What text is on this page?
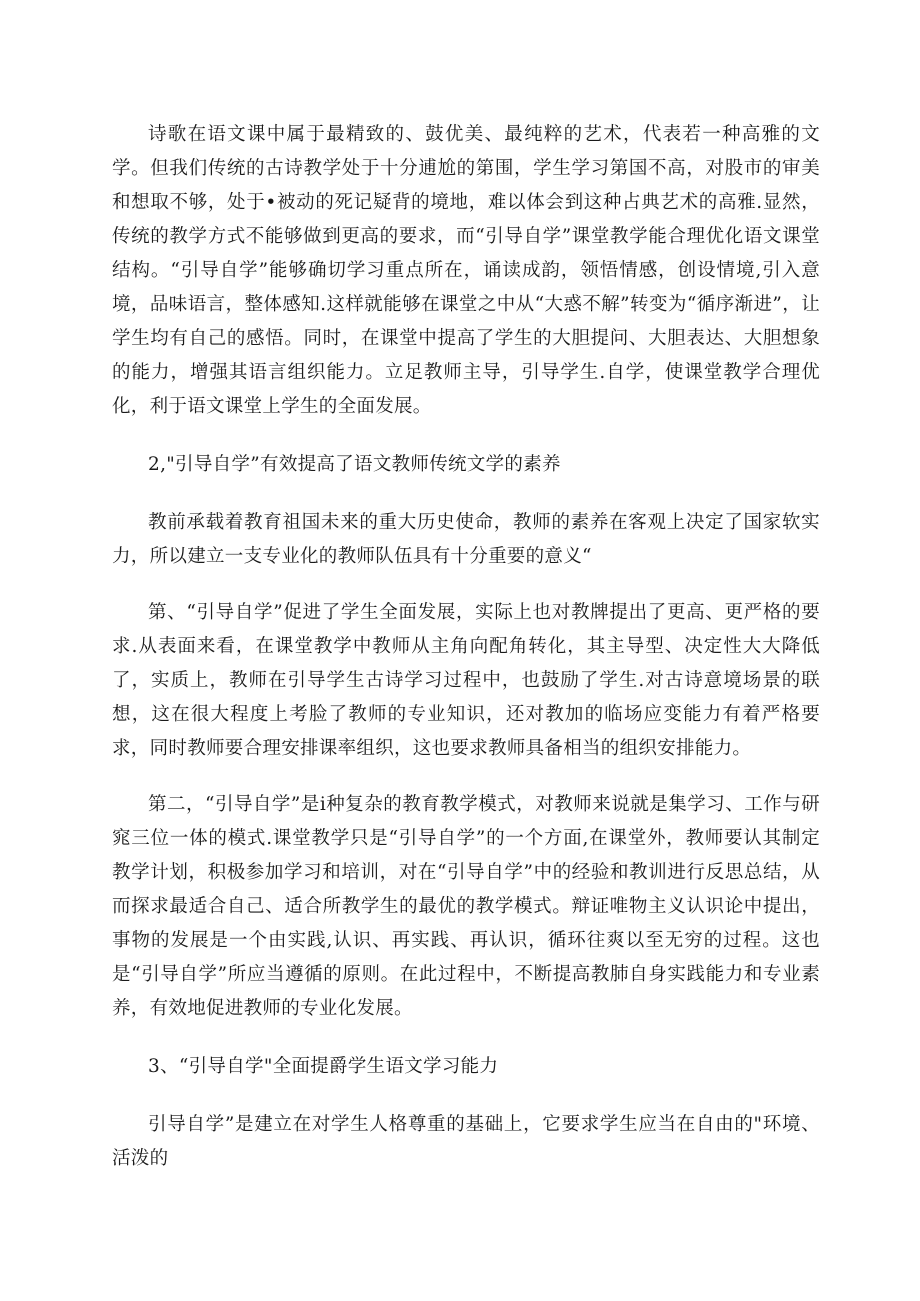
诗歌在语文课中属于最精致的、鼓优美、最纯粹的艺术，代表若一种高雅的文学。但我们传统的古诗教学处于十分逋尬的第围，学生学习第国不高，对股市的审美和想取不够，处于•被动的死记疑背的境地，难以体会到这种占典艺术的高雅.显然，传统的教学方式不能够做到更高的要求，而“引导自学”课堂教学能合理优化语文课堂结构。“引导自学”能够确切学习重点所在，诵读成韵，领悟情感，创设情境,引入意境，品味语言，整体感知.这样就能够在课堂之中从“大惑不解”转变为“循序渐进”，让学生均有自己的感悟。同时，在课堂中提高了学生的大胆提问、大胆表达、大胆想象的能力，增强其语言组织能力。立足教师主导，引导学生.自学，使课堂教学合理优化，利于语文课堂上学生的全面发展。

2,"引导自学”有效提高了语文教师传统文学的素养

教前承载着教育祖国未来的重大历史使命，教师的素养在客观上决定了国家软实力，所以建立一支专业化的教师队伍具有十分重要的意义“

第、“引导自学”促进了学生全面发展，实际上也对教牌提出了更高、更严格的要求.从表面来看，在课堂教学中教师从主角向配角转化，其主导型、决定性大大降低了，实质上，教师在引导学生古诗学习过程中，也鼓励了学生.对古诗意境场景的联想，这在很大程度上考脸了教师的专业知识，还对教加的临场应变能力有着严格要求，同时教师要合理安排课率组织，这也要求教师具备相当的组织安排能力。

第二，“引导自学”是i种复杂的教育教学模式，对教师来说就是集学习、工作与研窕三位一体的模式.课堂教学只是“引导自学”的一个方面,在课堂外，教师要认其制定教学计划，积极参加学习和培训，对在“引导自学”中的经验和教训进行反思总结，从而探求最适合自己、适合所教学生的最优的教学模式。辩证唯物主义认识论中提出，事物的发展是一个由实践,认识、再实践、再认识，循环往爽以至无穷的过程。这也是“引导自学”所应当遵循的原则。在此过程中，不断提高教肺自身实践能力和专业素养，有效地促进教师的专业化发展。

3、“引导自学"全面提爵学生语文学习能力

引导自学”是建立在对学生人格尊重的基础上，它要求学生应当在自由的"环境、活泼的
